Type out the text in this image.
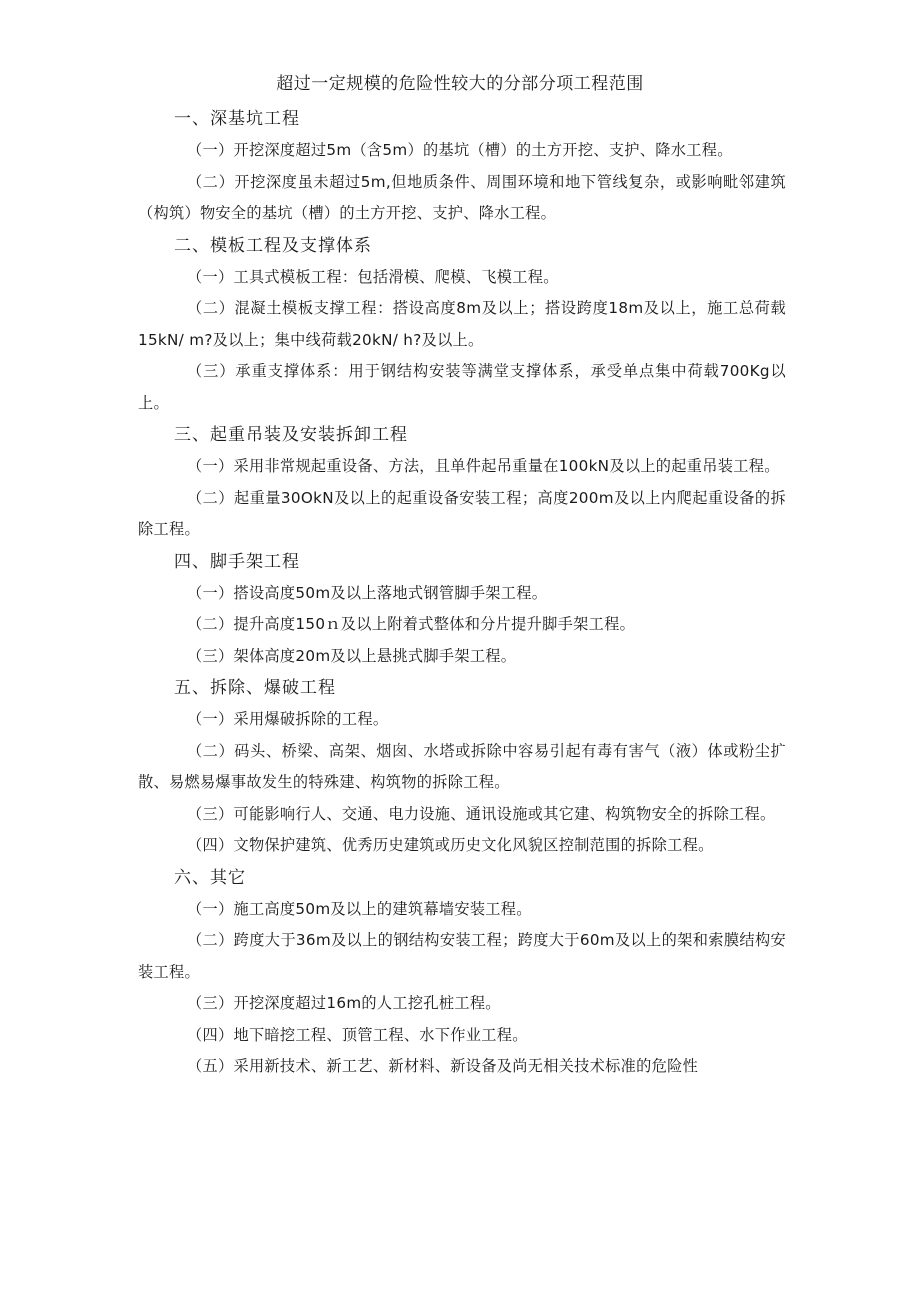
超过一定规模的危险性较大的分部分项工程范围
一、深基坑工程

（一）开挖深度超过5m（含5m）的基坑（槽）的土方开挖、支护、降水工程。

（二）开挖深度虽未超过5m,但地质条件、周围环境和地下管线复杂，或影响毗邻建筑（构筑）物安全的基坑（槽）的土方开挖、支护、降水工程。

二、模板工程及支撑体系

（一）工具式模板工程：包括滑模、爬模、飞模工程。

（二）混凝土模板支撑工程：搭设高度8m及以上；搭设跨度18m及以上，施工总荷载15kN∕ m?及以上；集中线荷载20kN∕ h?及以上。

（三）承重支撑体系：用于钢结构安装等满堂支撑体系，承受单点集中荷载700Kg以上。

三、起重吊装及安装拆卸工程

（一）采用非常规起重设备、方法，且单件起吊重量在100kN及以上的起重吊装工程。

（二）起重量30OkN及以上的起重设备安装工程；高度200m及以上内爬起重设备的拆除工程。

四、脚手架工程

（一）搭设高度50m及以上落地式钢管脚手架工程。

（二）提升高度150ｎ及以上附着式整体和分片提升脚手架工程。

（三）架体高度20m及以上悬挑式脚手架工程。

五、拆除、爆破工程

（一）采用爆破拆除的工程。

（二）码头、桥梁、高架、烟囱、水塔或拆除中容易引起有毒有害气（液）体或粉尘扩散、易燃易爆事故发生的特殊建、构筑物的拆除工程。

（三）可能影响行人、交通、电力设施、通讯设施或其它建、构筑物安全的拆除工程。

（四）文物保护建筑、优秀历史建筑或历史文化风貌区控制范围的拆除工程。

六、其它

（一）施工高度50m及以上的建筑幕墙安装工程。

（二）跨度大于36m及以上的钢结构安装工程；跨度大于60m及以上的架和索膜结构安装工程。

（三）开挖深度超过16m的人工挖孔桩工程。

（四）地下暗挖工程、顶管工程、水下作业工程。

（五）采用新技术、新工艺、新材料、新设备及尚无相关技术标准的危险性
